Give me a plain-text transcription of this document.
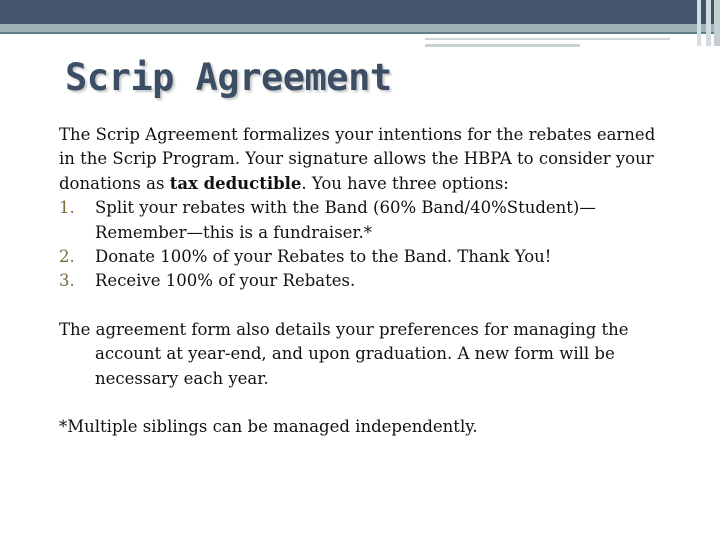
Scrip Agreement

The Scrip Agreement formalizes your intentions for the rebates earned in the Scrip Program. Your signature allows the HBPA to consider your donations as tax deductible. You have three options:

1. Split your rebates with the Band (60% Band/40%Student)—Remember—this is a fundraiser.*
2. Donate 100% of your Rebates to the Band. Thank You!
3. Receive 100% of your Rebates.

The agreement form also details your preferences for managing the account at year-end, and upon graduation. A new form will be necessary each year.

*Multiple siblings can be managed independently.
